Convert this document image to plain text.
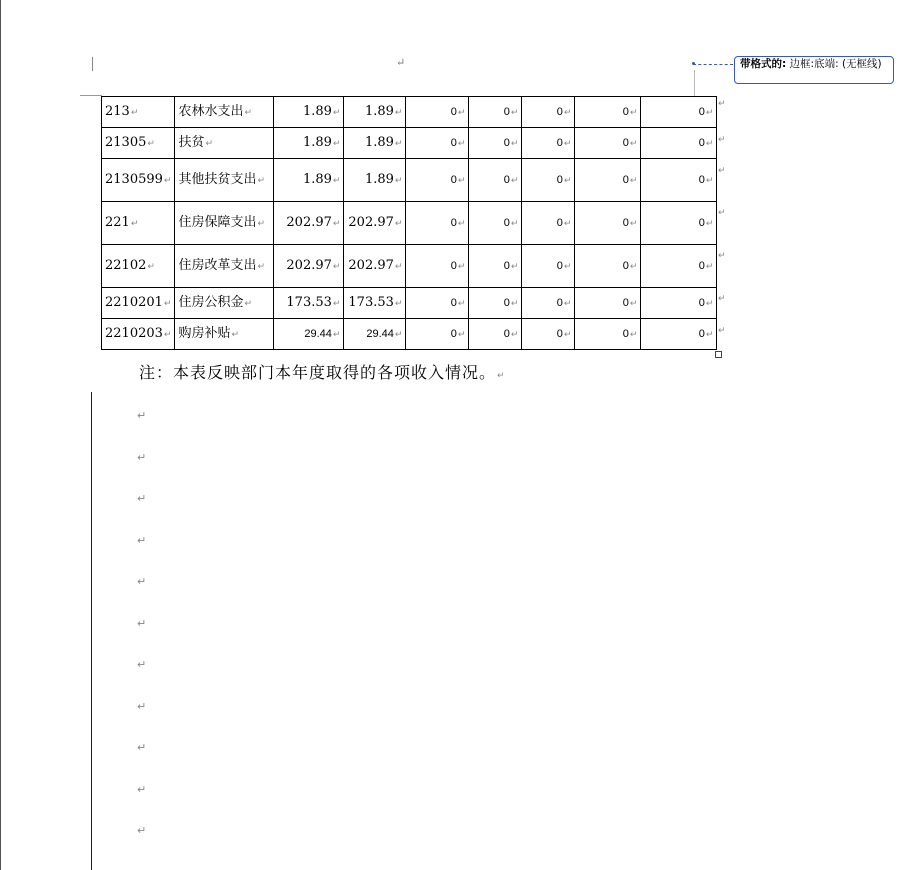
↵	带格式的: 边框:底端: (无框线)
213↵	农林水支出↵	1.89↵	1.89↵	0↵	0↵	0↵	0↵	0↵
21305↵	扶贫↵	1.89↵	1.89↵	0↵	0↵	0↵	0↵	0↵
2130599↵	其他扶贫支出↵	1.89↵	1.89↵	0↵	0↵	0↵	0↵	0↵
221↵	住房保障支出↵	202.97↵	202.97↵	0↵	0↵	0↵	0↵	0↵
22102↵	住房改革支出↵	202.97↵	202.97↵	0↵	0↵	0↵	0↵	0↵
2210201↵	住房公积金↵	173.53↵	173.53↵	0↵	0↵	0↵	0↵	0↵
2210203↵	购房补贴↵	29.44↵	29.44↵	0↵	0↵	0↵	0↵	0↵
↵
↵
↵
↵
↵
↵
↵
注：本表反映部门本年度取得的各项收入情况。↵
↵
↵
↵
↵
↵
↵
↵
↵
↵
↵
↵
